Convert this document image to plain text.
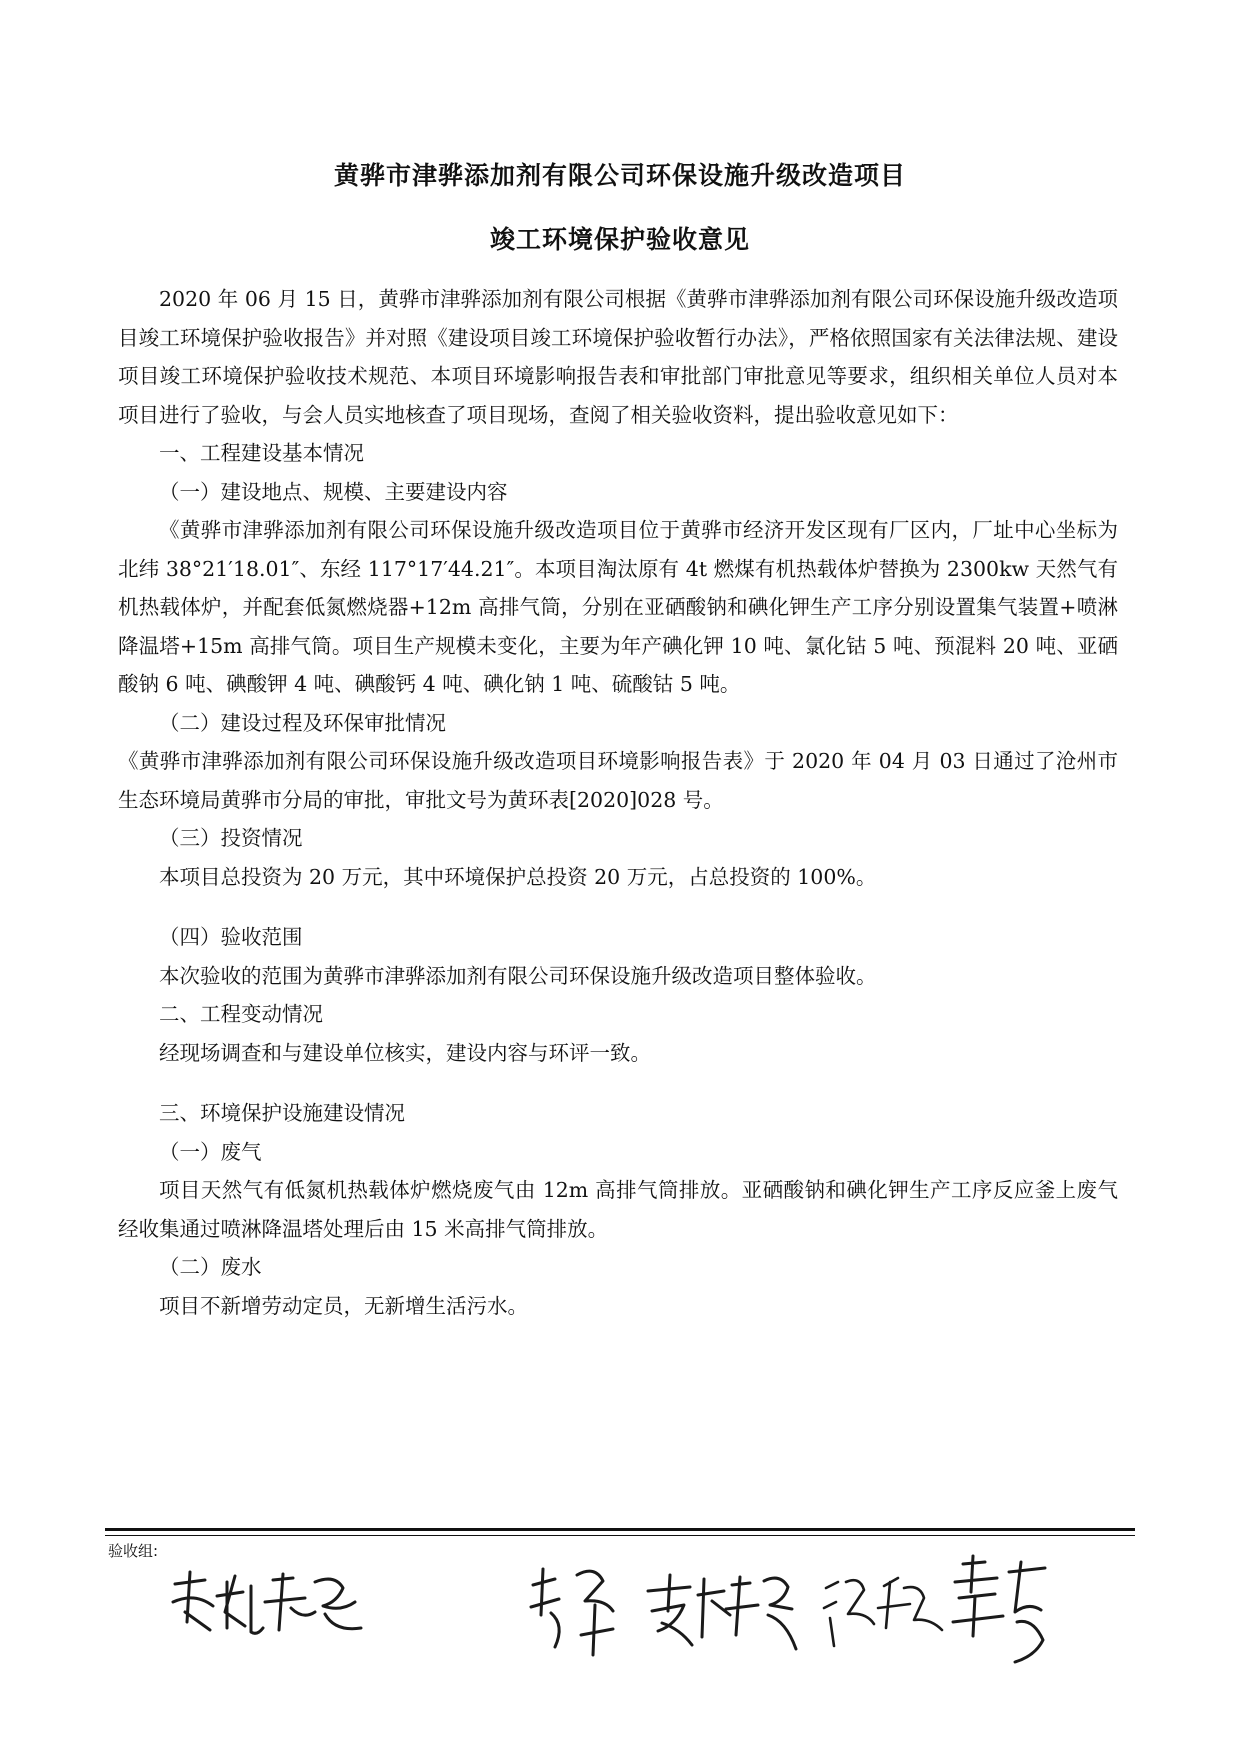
黄骅市津骅添加剂有限公司环保设施升级改造项目
竣工环境保护验收意见

2020 年 06 月 15 日，黄骅市津骅添加剂有限公司根据《黄骅市津骅添加剂有限公司环保设施升级改造项目竣工环境保护验收报告》并对照《建设项目竣工环境保护验收暂行办法》，严格依照国家有关法律法规、建设项目竣工环境保护验收技术规范、本项目环境影响报告表和审批部门审批意见等要求，组织相关单位人员对本项目进行了验收，与会人员实地核查了项目现场，查阅了相关验收资料，提出验收意见如下：

一、工程建设基本情况

（一）建设地点、规模、主要建设内容

《黄骅市津骅添加剂有限公司环保设施升级改造项目位于黄骅市经济开发区现有厂区内，厂址中心坐标为北纬 38°21′18.01″、东经 117°17′44.21″。本项目淘汰原有 4t 燃煤有机热载体炉替换为 2300kw 天然气有机热载体炉，并配套低氮燃烧器+12m 高排气筒，分别在亚硒酸钠和碘化钾生产工序分别设置集气装置+喷淋降温塔+15m 高排气筒。项目生产规模未变化，主要为年产碘化钾 10 吨、氯化钴 5 吨、预混料 20 吨、亚硒酸钠 6 吨、碘酸钾 4 吨、碘酸钙 4 吨、碘化钠 1 吨、硫酸钴 5 吨。

（二）建设过程及环保审批情况

《黄骅市津骅添加剂有限公司环保设施升级改造项目环境影响报告表》于 2020 年 04 月 03 日通过了沧州市生态环境局黄骅市分局的审批，审批文号为黄环表[2020]028 号。

（三）投资情况

本项目总投资为 20 万元，其中环境保护总投资 20 万元，占总投资的 100%。

（四）验收范围

本次验收的范围为黄骅市津骅添加剂有限公司环保设施升级改造项目整体验收。

二、工程变动情况

经现场调查和与建设单位核实，建设内容与环评一致。

三、环境保护设施建设情况

（一）废气

项目天然气有低氮机热载体炉燃烧废气由 12m 高排气筒排放。亚硒酸钠和碘化钾生产工序反应釜上废气经收集通过喷淋降温塔处理后由 15 米高排气筒排放。

（二）废水

项目不新增劳动定员，无新增生活污水。

验收组:
